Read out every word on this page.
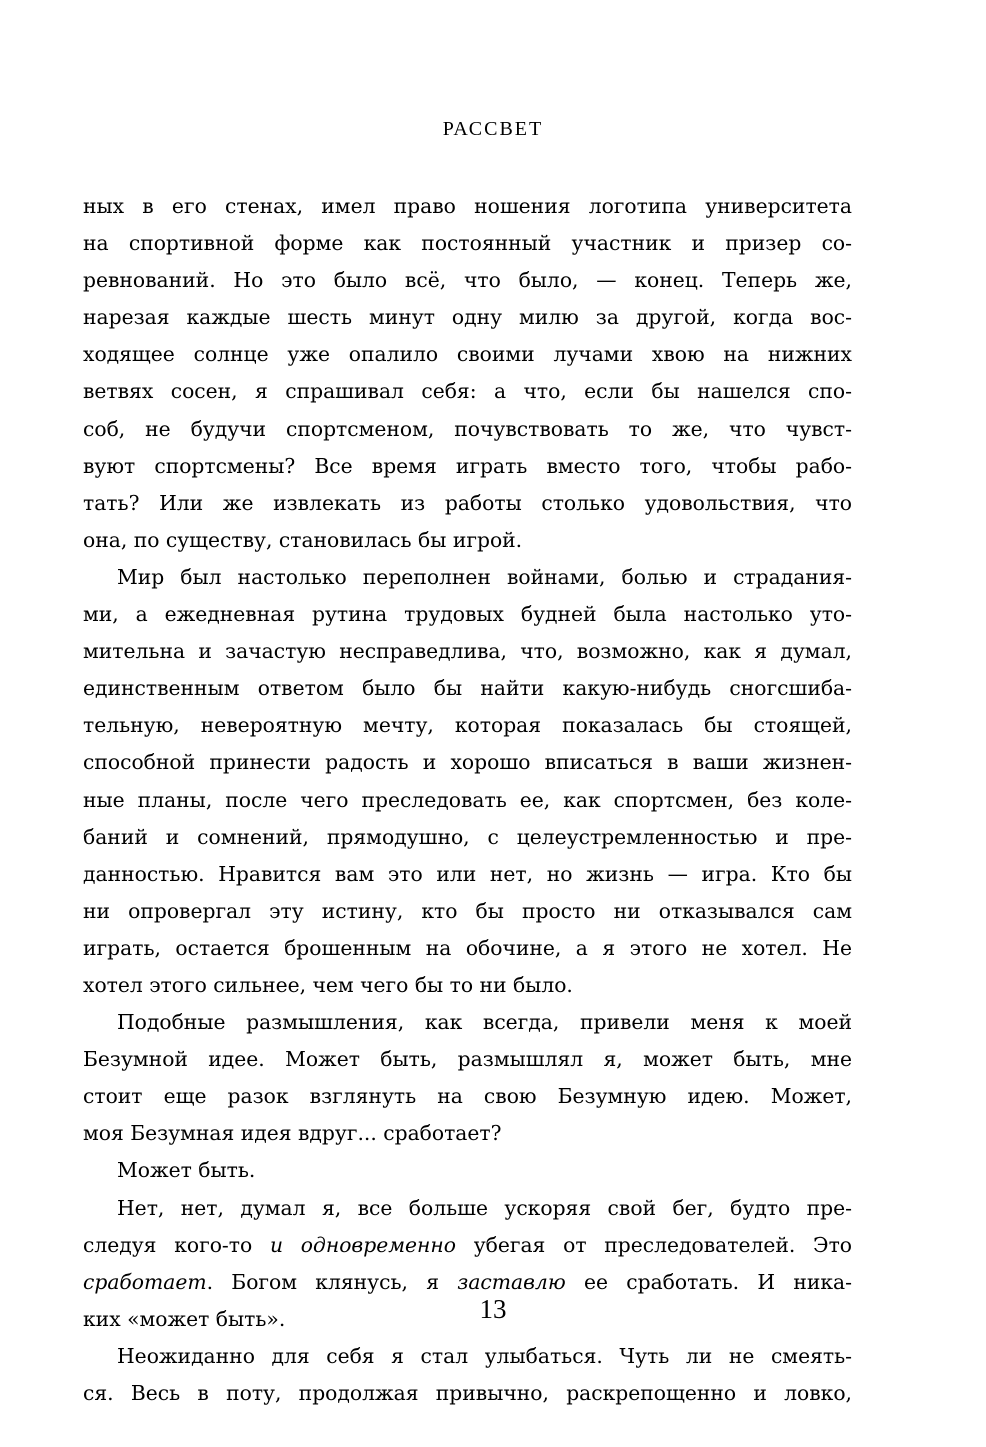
РАССВЕТ
ных в его стенах, имел право ношения логотипа университета
на спортивной форме как постоянный участник и призер со-
ревнований. Но это было всё, что было, — конец. Теперь же,
нарезая каждые шесть минут одну милю за другой, когда вос-
ходящее солнце уже опалило своими лучами хвою на нижних
ветвях сосен, я спрашивал себя: а что, если бы нашелся спо-
соб, не будучи спортсменом, почувствовать то же, что чувст-
вуют спортсмены? Все время играть вместо того, чтобы рабо-
тать? Или же извлекать из работы столько удовольствия, что
она, по существу, становилась бы игрой.
Мир был настолько переполнен войнами, болью и страдания-
ми, а ежедневная рутина трудовых будней была настолько уто-
мительна и зачастую несправедлива, что, возможно, как я думал,
единственным ответом было бы найти какую-нибудь сногсшиба-
тельную, невероятную мечту, которая показалась бы стоящей,
способной принести радость и хорошо вписаться в ваши жизнен-
ные планы, после чего преследовать ее, как спортсмен, без коле-
баний и сомнений, прямодушно, с целеустремленностью и пре-
данностью. Нравится вам это или нет, но жизнь — игра. Кто бы
ни опровергал эту истину, кто бы просто ни отказывался сам
играть, остается брошенным на обочине, а я этого не хотел. Не
хотел этого сильнее, чем чего бы то ни было.
Подобные размышления, как всегда, привели меня к моей
Безумной идее. Может быть, размышлял я, может быть, мне
стоит еще разок взглянуть на свою Безумную идею. Может,
моя Безумная идея вдруг... сработает?
Может быть.
Нет, нет, думал я, все больше ускоряя свой бег, будто пре-
следуя кого-то и одновременно убегая от преследователей. Это
сработает. Богом клянусь, я заставлю ее сработать. И ника-
ких «может быть».
Неожиданно для себя я стал улыбаться. Чуть ли не смеять-
ся. Весь в поту, продолжая привычно, раскрепощенно и ловко,
13
